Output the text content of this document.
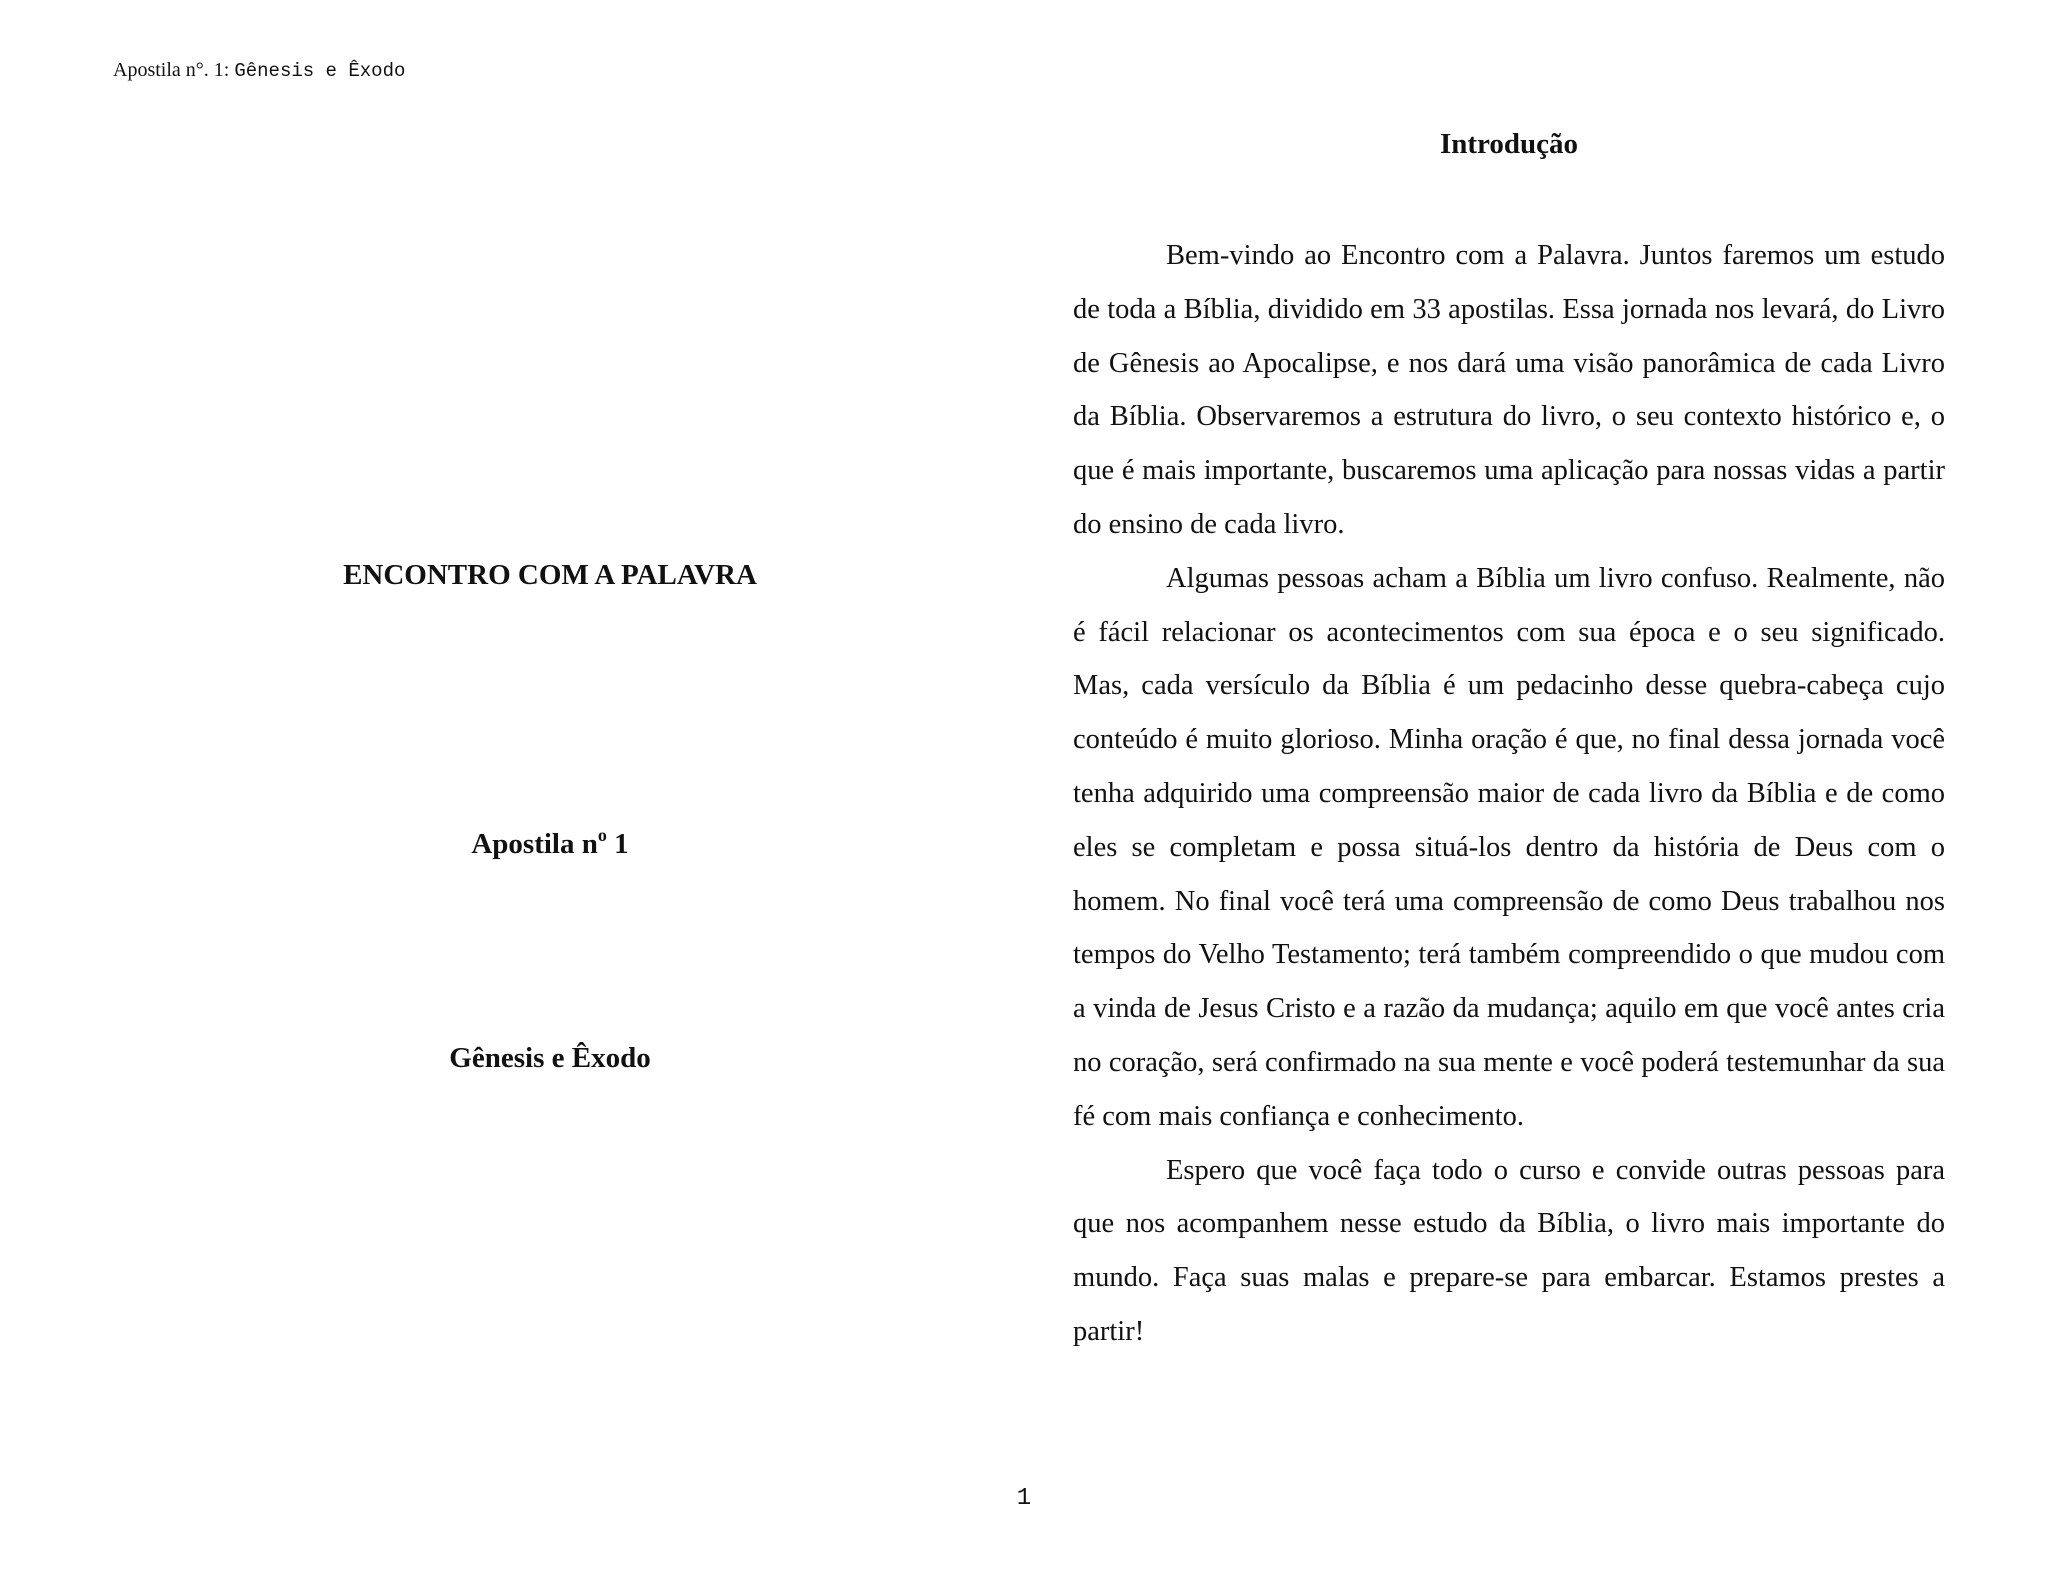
Apostila n°. 1: Gênesis e Êxodo
ENCONTRO COM A PALAVRA
Apostila $n^o$ 1
Gênesis e Êxodo
Introdução

Bem-vindo ao Encontro com a Palavra. Juntos faremos um estudo de toda a Bíblia, dividido em 33 apostilas. Essa jornada nos levará, do Livro de Gênesis ao Apocalipse, e nos dará uma visão panorâmica de cada Livro da Bíblia. Observaremos a estrutura do livro, o seu contexto histórico e, o que é mais importante, buscaremos uma aplicação para nossas vidas a partir do ensino de cada livro.

Algumas pessoas acham a Bíblia um livro confuso. Realmente, não é fácil relacionar os acontecimentos com sua época e o seu significado. Mas, cada versículo da Bíblia é um pedacinho desse quebra-cabeça cujo conteúdo é muito glorioso. Minha oração é que, no final dessa jornada você tenha adquirido uma compreensão maior de cada livro da Bíblia e de como eles se completam e possa situá-los dentro da história de Deus com o homem. No final você terá uma compreensão de como Deus trabalhou nos tempos do Velho Testamento; terá também compreendido o que mudou com a vinda de Jesus Cristo e a razão da mudança; aquilo em que você antes cria no coração, será confirmado na sua mente e você poderá testemunhar da sua fé com mais confiança e conhecimento.

Espero que você faça todo o curso e convide outras pessoas para que nos acompanhem nesse estudo da Bíblia, o livro mais importante do mundo. Faça suas malas e prepare-se para embarcar. Estamos prestes a partir!

1
